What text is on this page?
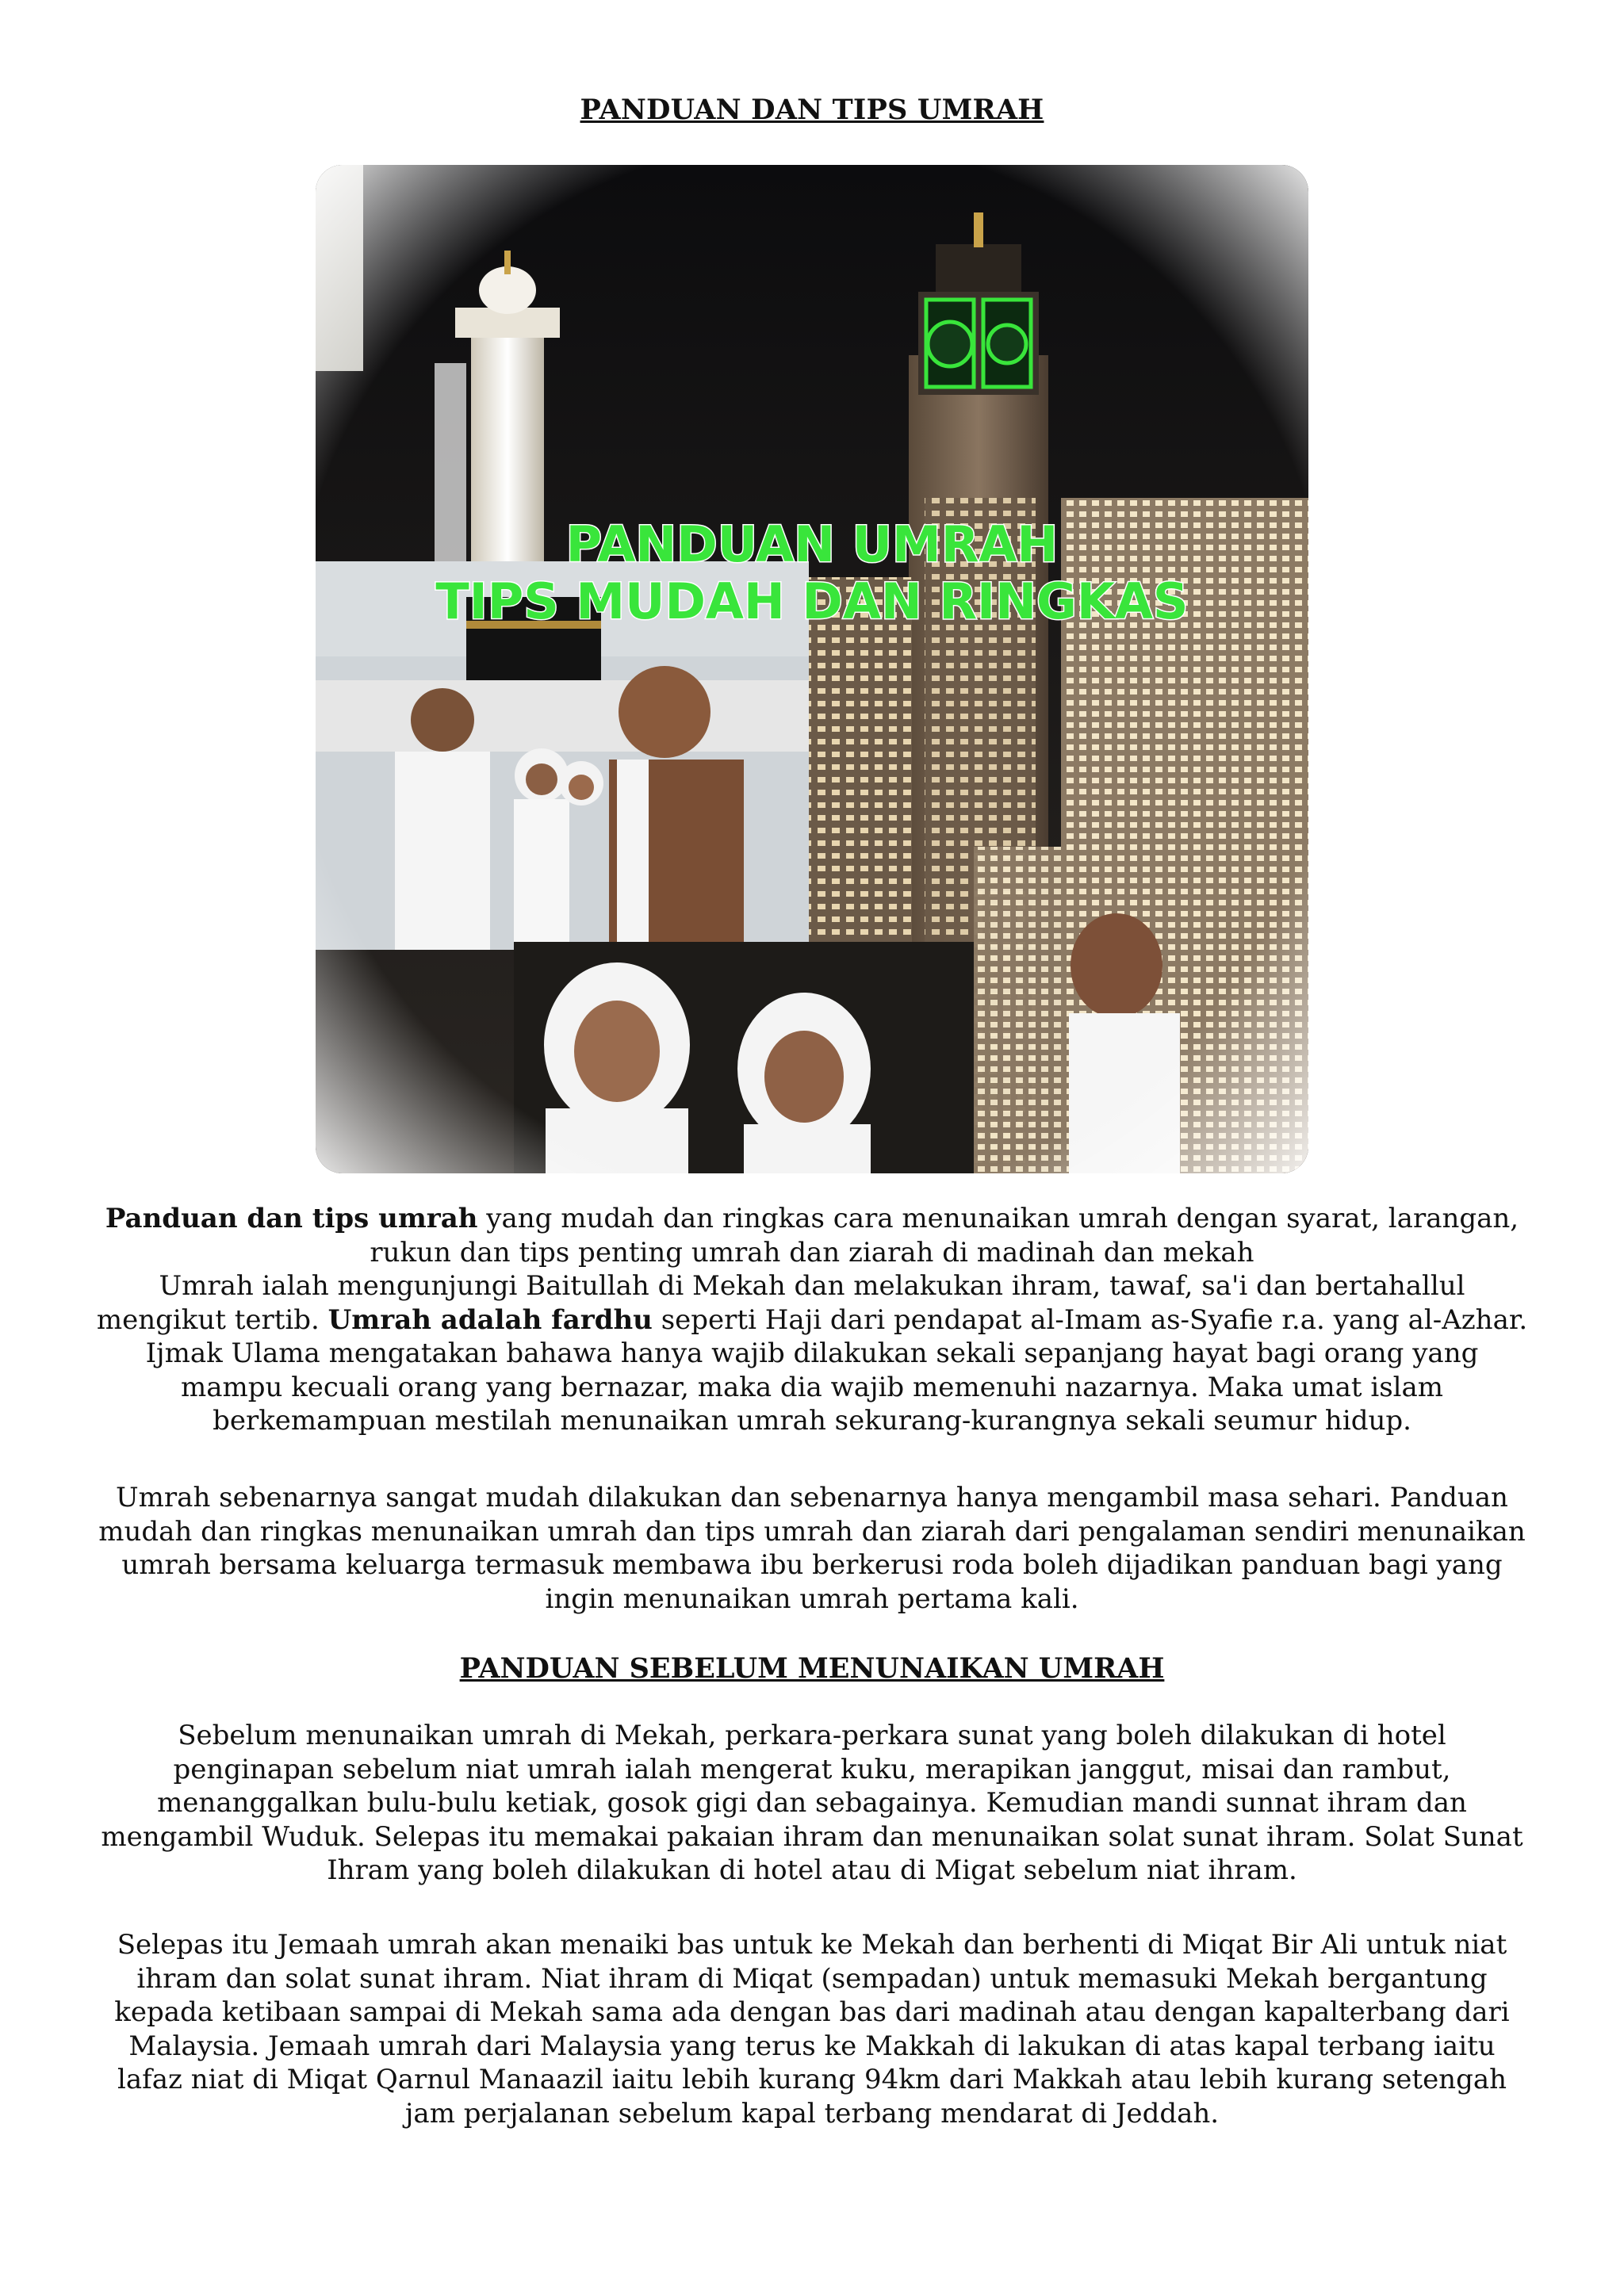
PANDUAN DAN TIPS UMRAH
PANDUAN UMRAH
TIPS MUDAH DAN RINGKAS

Panduan dan tips umrah yang mudah dan ringkas cara menunaikan umrah dengan syarat, larangan, rukun dan tips penting umrah dan ziarah di madinah dan mekah

Umrah ialah mengunjungi Baitullah di Mekah dan melakukan ihram, tawaf, sa'i dan bertahallul mengikut tertib. Umrah adalah fardhu seperti Haji dari pendapat al-Imam as-Syafie r.a. yang al-Azhar. Ijmak Ulama mengatakan bahawa hanya wajib dilakukan sekali sepanjang hayat bagi orang yang mampu kecuali orang yang bernazar, maka dia wajib memenuhi nazarnya. Maka umat islam berkemampuan mestilah menunaikan umrah sekurang-kurangnya sekali seumur hidup.

Umrah sebenarnya sangat mudah dilakukan dan sebenarnya hanya mengambil masa sehari. Panduan mudah dan ringkas menunaikan umrah dan tips umrah dan ziarah dari pengalaman sendiri menunaikan umrah bersama keluarga termasuk membawa ibu berkerusi roda boleh dijadikan panduan bagi yang ingin menunaikan umrah pertama kali.
PANDUAN SEBELUM MENUNAIKAN UMRAH
Sebelum menunaikan umrah di Mekah, perkara-perkara sunat yang boleh dilakukan di hotel penginapan sebelum niat umrah ialah mengerat kuku, merapikan janggut, misai dan rambut, menanggalkan bulu-bulu ketiak, gosok gigi dan sebagainya. Kemudian mandi sunnat ihram dan mengambil Wuduk. Selepas itu memakai pakaian ihram dan menunaikan solat sunat ihram. Solat Sunat Ihram yang boleh dilakukan di hotel atau di Migat sebelum niat ihram.
Selepas itu Jemaah umrah akan menaiki bas untuk ke Mekah dan berhenti di Miqat Bir Ali untuk niat ihram dan solat sunat ihram. Niat ihram di Miqat (sempadan) untuk memasuki Mekah bergantung kepada ketibaan sampai di Mekah sama ada dengan bas dari madinah atau dengan kapalterbang dari Malaysia. Jemaah umrah dari Malaysia yang terus ke Makkah di lakukan di atas kapal terbang iaitu lafaz niat di Miqat Qarnul Manaazil iaitu lebih kurang 94km dari Makkah atau lebih kurang setengah jam perjalanan sebelum kapal terbang mendarat di Jeddah.
